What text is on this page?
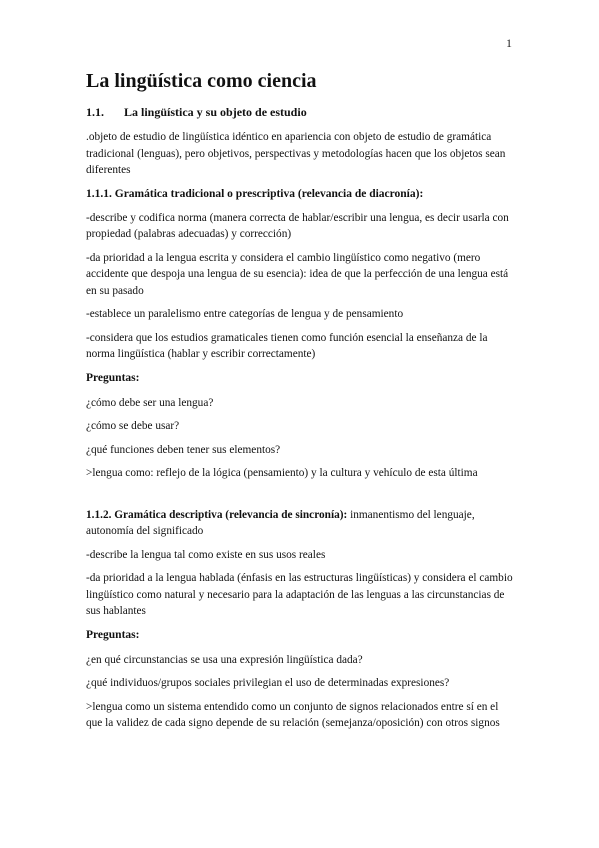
1
La lingüística como ciencia
1.1. La lingüística y su objeto de estudio

.objeto de estudio de lingüística idéntico en apariencia con objeto de estudio de gramática tradicional (lenguas), pero objetivos, perspectivas y metodologías hacen que los objetos sean diferentes

1.1.1. Gramática tradicional o prescriptiva (relevancia de diacronía):

-describe y codifica norma (manera correcta de hablar/escribir una lengua, es decir usarla con propiedad (palabras adecuadas) y corrección)

-da prioridad a la lengua escrita y considera el cambio lingüístico como negativo (mero accidente que despoja una lengua de su esencia): idea de que la perfección de una lengua está en su pasado

-establece un paralelismo entre categorías de lengua y de pensamiento

-considera que los estudios gramaticales tienen como función esencial la enseñanza de la norma lingüística (hablar y escribir correctamente)

Preguntas:

¿cómo debe ser una lengua?

¿cómo se debe usar?

¿qué funciones deben tener sus elementos?

>lengua como: reflejo de la lógica (pensamiento) y la cultura y vehículo de esta última

1.1.2. Gramática descriptiva (relevancia de sincronía): inmanentismo del lenguaje, autonomía del significado

-describe la lengua tal como existe en sus usos reales

-da prioridad a la lengua hablada (énfasis en las estructuras lingüísticas) y considera el cambio lingüístico como natural y necesario para la adaptación de las lenguas a las circunstancias de sus hablantes

Preguntas:

¿en qué circunstancias se usa una expresión lingüística dada?

¿qué individuos/grupos sociales privilegian el uso de determinadas expresiones?

>lengua como un sistema entendido como un conjunto de signos relacionados entre sí en el que la validez de cada signo depende de su relación (semejanza/oposición) con otros signos
